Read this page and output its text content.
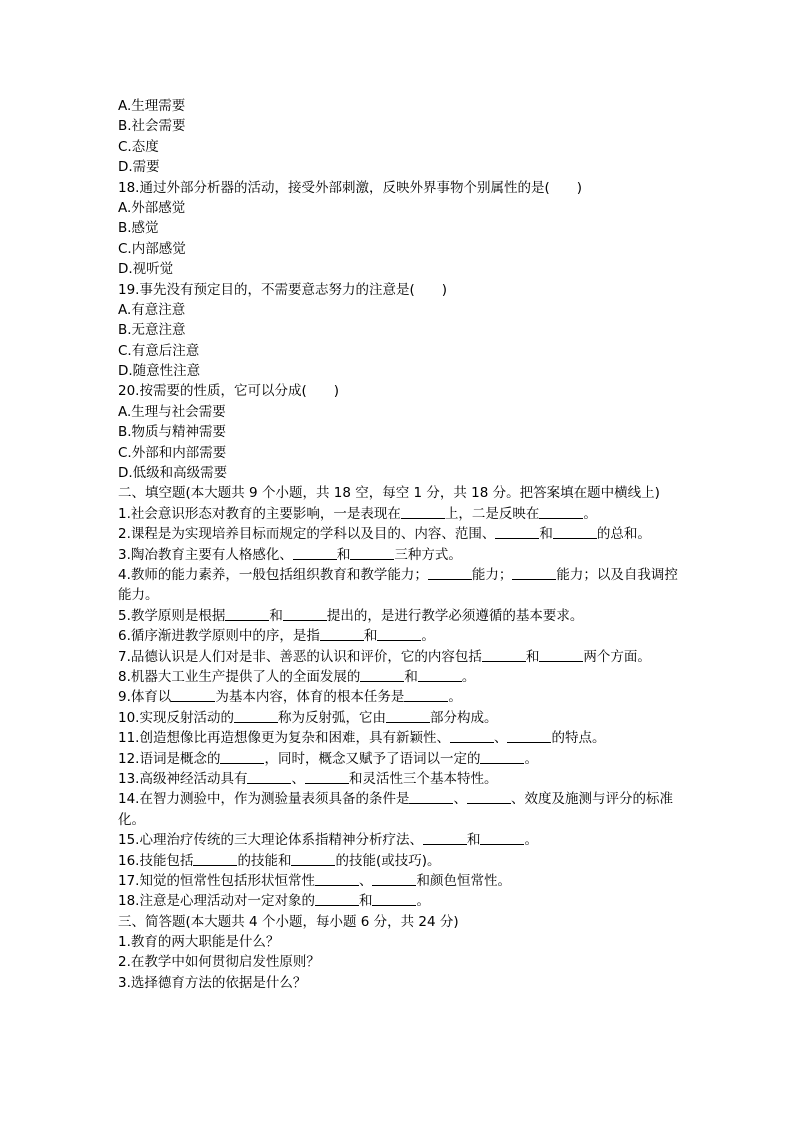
A.生理需要
B.社会需要
C.态度
D.需要
18.通过外部分析器的活动，接受外部刺激，反映外界事物个别属性的是(　　)
A.外部感觉
B.感觉
C.内部感觉
D.视听觉
19.事先没有预定目的，不需要意志努力的注意是(　　)
A.有意注意
B.无意注意
C.有意后注意
D.随意性注意
20.按需要的性质，它可以分成(　　)
A.生理与社会需要
B.物质与精神需要
C.外部和内部需要
D.低级和高级需要
二、填空题(本大题共 9 个小题，共 18 空，每空 1 分，共 18 分。把答案填在题中横线上)
1.社会意识形态对教育的主要影响，一是表现在	上，二是反映在	。
2.课程是为实现培养目标而规定的学科以及目的、内容、范围、	和	的总和。
3.陶冶教育主要有人格感化、	和	三种方式。
4.教师的能力素养，一般包括组织教育和教学能力；	能力；	能力；以及自我调控能力。
5.教学原则是根据	和	提出的，是进行教学必须遵循的基本要求。
6.循序渐进教学原则中的序，是指	和	。
7.品德认识是人们对是非、善恶的认识和评价，它的内容包括	和	两个方面。
8.机器大工业生产提供了人的全面发展的	和	。
9.体育以	为基本内容，体育的根本任务是	。
10.实现反射活动的	称为反射弧，它由	部分构成。
11.创造想像比再造想像更为复杂和困难，具有新颖性、	、	的特点。
12.语词是概念的	，同时，概念又赋予了语词以一定的	。
13.高级神经活动具有	、	和灵活性三个基本特性。
14.在智力测验中，作为测验量表须具备的条件是	、	、效度及施测与评分的标准化。
15.心理治疗传统的三大理论体系指精神分析疗法、	和	。
16.技能包括	的技能和	的技能(或技巧)。
17.知觉的恒常性包括形状恒常性	、	和颜色恒常性。
18.注意是心理活动对一定对象的	和	。
三、简答题(本大题共 4 个小题，每小题 6 分，共 24 分)
1.教育的两大职能是什么？
2.在教学中如何贯彻启发性原则？
3.选择德育方法的依据是什么？
